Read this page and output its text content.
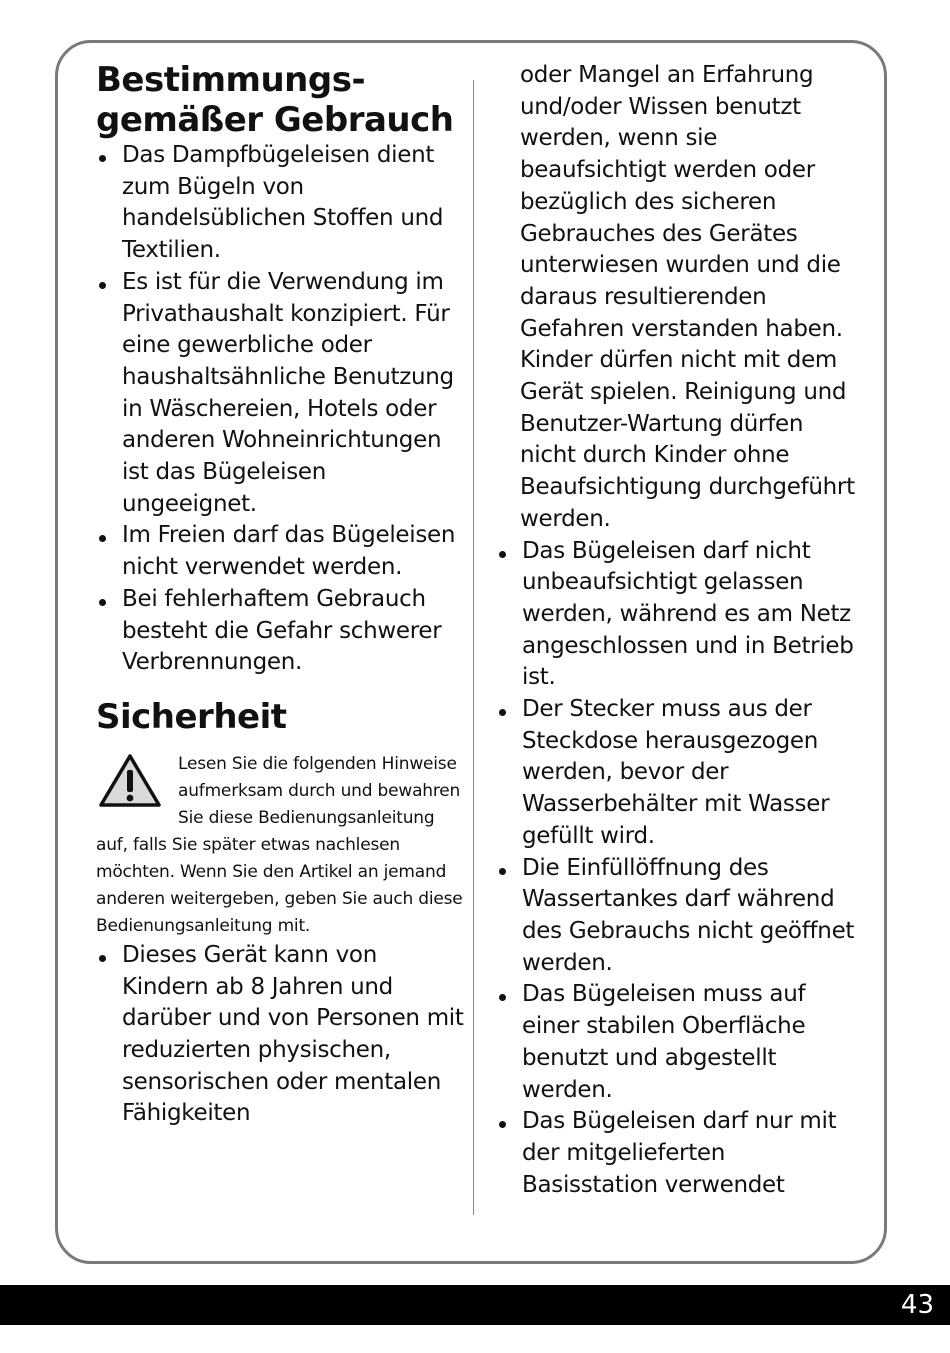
Bestimmungs- gemäßer Gebrauch
Das Dampfbügeleisen dient zum Bügeln von handelsüblichen Stoffen und Textilien.
Es ist für die Verwendung im Privathaushalt konzipiert. Für eine gewerbliche oder haushaltsähnliche Benutzung in Wäschereien, Hotels oder anderen Wohneinrichtungen ist das Bügeleisen ungeeignet.
Im Freien darf das Bügeleisen nicht verwendet werden.
Bei fehlerhaftem Gebrauch besteht die Gefahr schwerer Verbrennungen.
Sicherheit
Lesen Sie die folgenden Hinweise aufmerksam durch und bewahren Sie diese Bedienungsanleitung auf, falls Sie später etwas nachlesen möchten. Wenn Sie den Artikel an jemand anderen weitergeben, geben Sie auch diese Bedienungsanleitung mit.
Dieses Gerät kann von Kindern ab 8 Jahren und darüber und von Personen mit reduzierten physischen, sensorischen oder mentalen Fähigkeiten
oder Mangel an Erfahrung und/oder Wissen benutzt werden, wenn sie beaufsichtigt werden oder bezüglich des sicheren Gebrauches des Gerätes unterwiesen wurden und die daraus resultierenden Gefahren verstanden haben. Kinder dürfen nicht mit dem Gerät spielen. Reinigung und Benutzer-Wartung dürfen nicht durch Kinder ohne Beaufsichtigung durchgeführt werden.
Das Bügeleisen darf nicht unbeaufsichtigt gelassen werden, während es am Netz angeschlossen und in Betrieb ist.
Der Stecker muss aus der Steckdose herausgezogen werden, bevor der Wasserbehälter mit Wasser gefüllt wird.
Die Einfüllöffnung des Wassertankes darf während des Gebrauchs nicht geöffnet werden.
Das Bügeleisen muss auf einer stabilen Oberfläche benutzt und abgestellt werden.
Das Bügeleisen darf nur mit der mitgelieferten Basisstation verwendet
43
